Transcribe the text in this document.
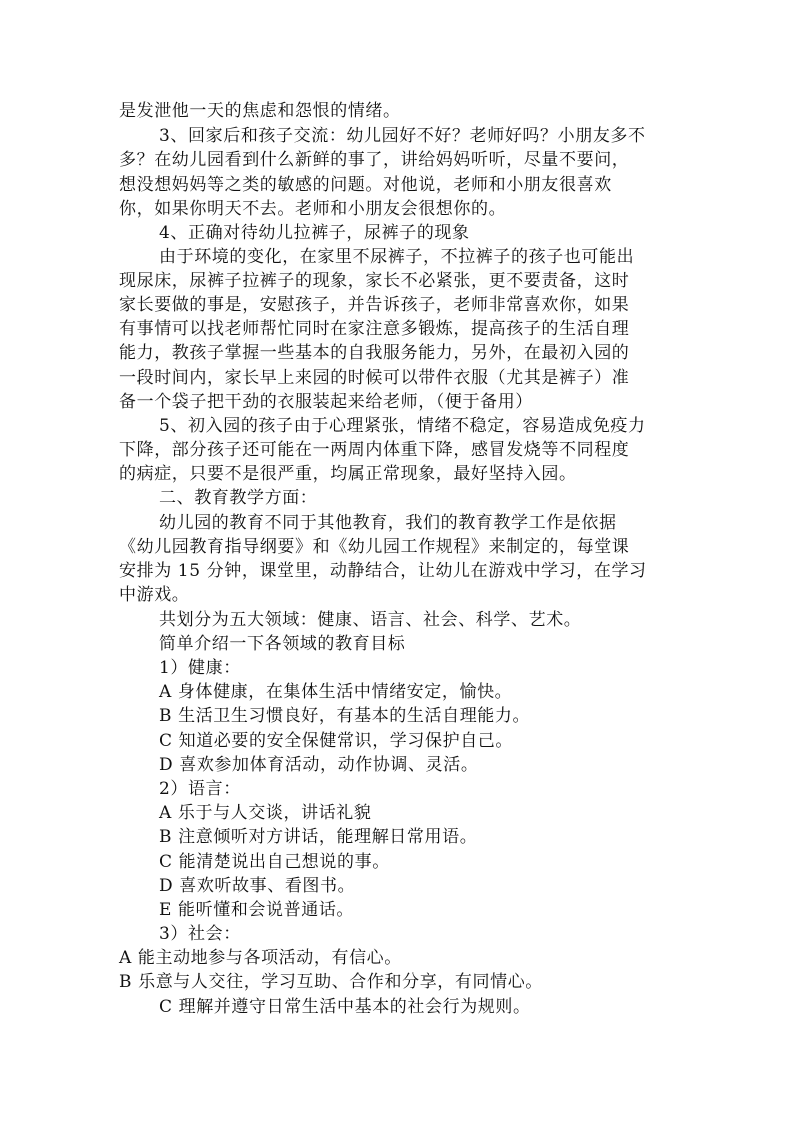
是发泄他一天的焦虑和怨恨的情绪。
3、回家后和孩子交流：幼儿园好不好？老师好吗？小朋友多不
多？在幼儿园看到什么新鲜的事了，讲给妈妈听听，尽量不要问，
想没想妈妈等之类的敏感的问题。对他说，老师和小朋友很喜欢
你，如果你明天不去。老师和小朋友会很想你的。
4、正确对待幼儿拉裤子，尿裤子的现象
由于环境的变化，在家里不尿裤子，不拉裤子的孩子也可能出
现尿床，尿裤子拉裤子的现象，家长不必紧张，更不要责备，这时
家长要做的事是，安慰孩子，并告诉孩子，老师非常喜欢你，如果
有事情可以找老师帮忙同时在家注意多锻炼，提高孩子的生活自理
能力，教孩子掌握一些基本的自我服务能力，另外，在最初入园的
一段时间内，家长早上来园的时候可以带件衣服（尤其是裤子）准
备一个袋子把干劲的衣服装起来给老师，（便于备用）
5、初入园的孩子由于心理紧张，情绪不稳定，容易造成免疫力
下降，部分孩子还可能在一两周内体重下降，感冒发烧等不同程度
的病症，只要不是很严重，均属正常现象，最好坚持入园。
二、教育教学方面：
幼儿园的教育不同于其他教育，我们的教育教学工作是依据
《幼儿园教育指导纲要》和《幼儿园工作规程》来制定的，每堂课
安排为 15 分钟，课堂里，动静结合，让幼儿在游戏中学习，在学习
中游戏。
共划分为五大领域：健康、语言、社会、科学、艺术。
简单介绍一下各领域的教育目标
1）健康：
A 身体健康，在集体生活中情绪安定，愉快。
B 生活卫生习惯良好，有基本的生活自理能力。
C 知道必要的安全保健常识，学习保护自己。
D 喜欢参加体育活动，动作协调、灵活。
2）语言：
A 乐于与人交谈，讲话礼貌
B 注意倾听对方讲话，能理解日常用语。
C 能清楚说出自己想说的事。
D 喜欢听故事、看图书。
E 能听懂和会说普通话。
3）社会：
A 能主动地参与各项活动，有信心。
B 乐意与人交往，学习互助、合作和分享，有同情心。
C 理解并遵守日常生活中基本的社会行为规则。
